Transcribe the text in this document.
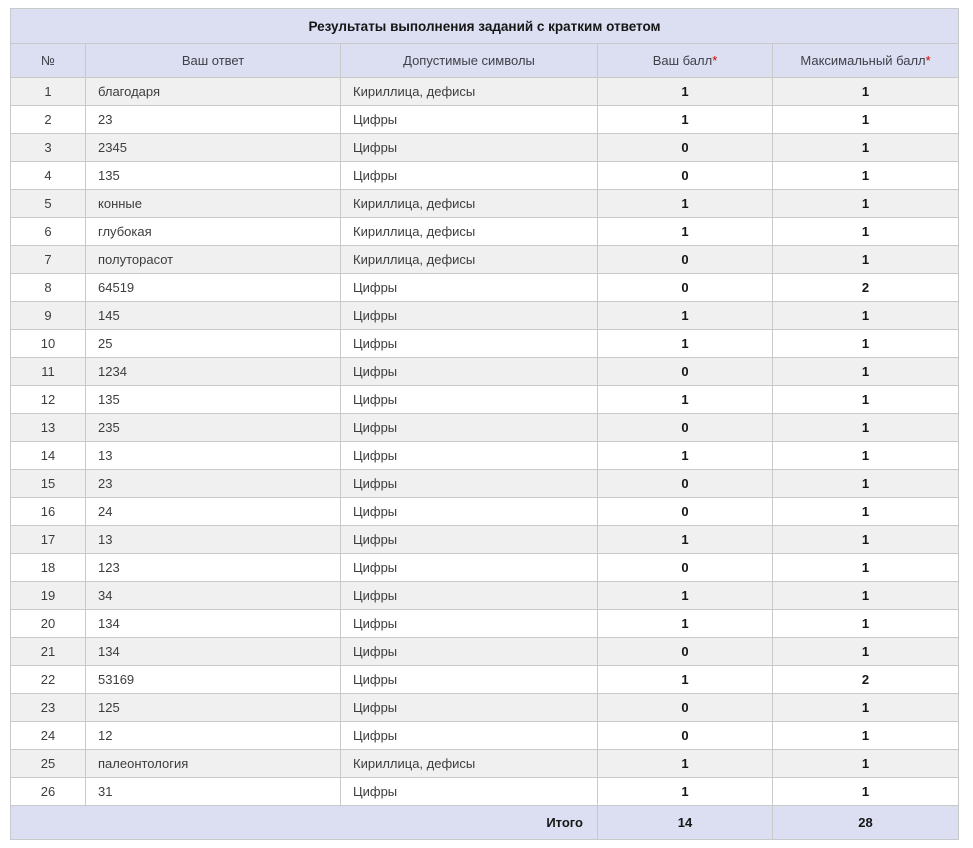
Результаты выполнения заданий с кратким ответом				
№	Ваш ответ	Допустимые символы	Ваш балл*	Максимальный балл*
1	благодаря	Кириллица, дефисы	1	1
2	23	Цифры	1	1
3	2345	Цифры	0	1
4	135	Цифры	0	1
5	конные	Кириллица, дефисы	1	1
6	глубокая	Кириллица, дефисы	1	1
7	полуторасот	Кириллица, дефисы	0	1
8	64519	Цифры	0	2
9	145	Цифры	1	1
10	25	Цифры	1	1
11	1234	Цифры	0	1
12	135	Цифры	1	1
13	235	Цифры	0	1
14	13	Цифры	1	1
15	23	Цифры	0	1
16	24	Цифры	0	1
17	13	Цифры	1	1
18	123	Цифры	0	1
19	34	Цифры	1	1
20	134	Цифры	1	1
21	134	Цифры	0	1
22	53169	Цифры	1	2
23	125	Цифры	0	1
24	12	Цифры	0	1
25	палеонтология	Кириллица, дефисы	1	1
26	31	Цифры	1	1
Итого			14	28
